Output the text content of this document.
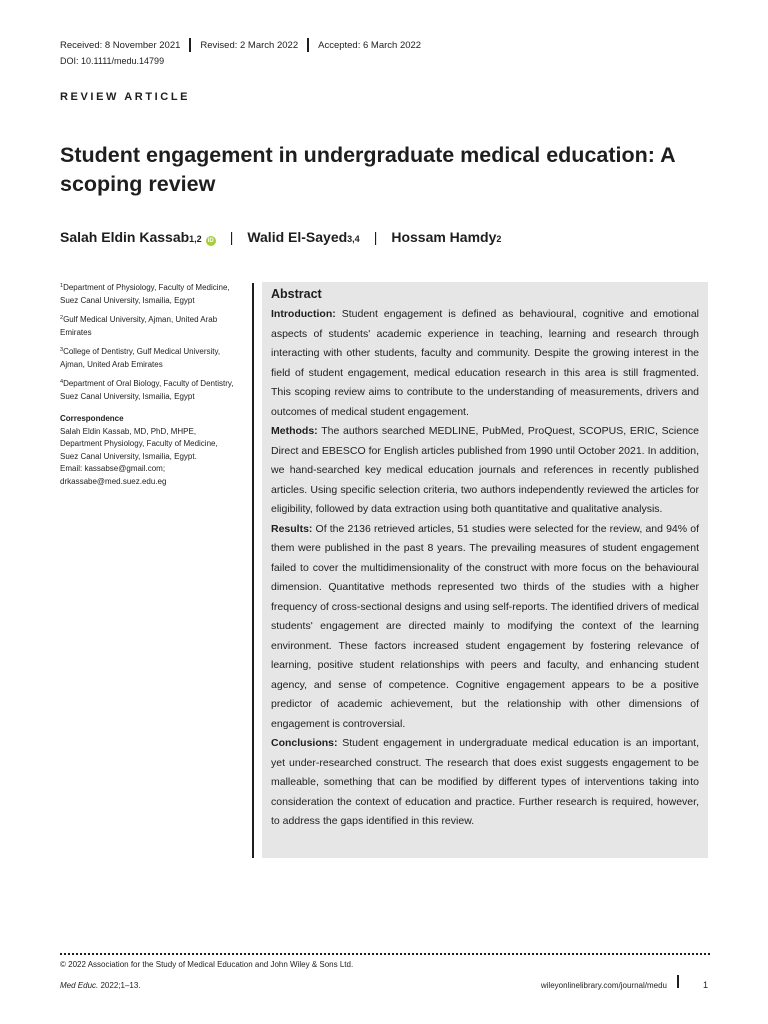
Received: 8 November 2021 Revised: 2 March 2022 Accepted: 6 March 2022
DOI: 10.1111/medu.14799
REVIEW ARTICLE
Student engagement in undergraduate medical education: A scoping review
Salah Eldin Kassab 1,2	iD | Walid El-Sayed 3,4 | Hossam Hamdy 2

$^1$Department of Physiology, Faculty of Medicine, Suez Canal University, Ismailia, Egypt

$^2$Gulf Medical University, Ajman, United Arab Emirates

$^3$College of Dentistry, Gulf Medical University, Ajman, United Arab Emirates

$^4$Department of Oral Biology, Faculty of Dentistry, Suez Canal University, Ismailia, Egypt

Correspondence

Salah Eldin Kassab, MD, PhD, MHPE,

Department Physiology, Faculty of Medicine,

Suez Canal University, Ismailia, Egypt.

Email: kassabse@gmail.com;

drkassabe@med.suez.edu.eg

Abstract

Introduction: Student engagement is defined as behavioural, cognitive and emotional aspects of students' academic experience in teaching, learning and research through interacting with other students, faculty and community. Despite the growing interest in the field of student engagement, medical education research in this area is still fragmented. This scoping review aims to contribute to the understanding of measurements, drivers and outcomes of medical student engagement.

Methods: The authors searched MEDLINE, PubMed, ProQuest, SCOPUS, ERIC, Science Direct and EBESCO for English articles published from 1990 until October 2021. In addition, we hand-searched key medical education journals and references in recently published articles. Using specific selection criteria, two authors independently reviewed the articles for eligibility, followed by data extraction using both quantitative and qualitative analysis.

Results: Of the 2136 retrieved articles, 51 studies were selected for the review, and 94% of them were published in the past 8 years. The prevailing measures of student engagement failed to cover the multidimensionality of the construct with more focus on the behavioural dimension. Quantitative methods represented two thirds of the studies with a higher frequency of cross-sectional designs and using self-reports. The identified drivers of medical students' engagement are directed mainly to modifying the context of the learning environment. These factors increased student engagement by fostering relevance of learning, positive student relationships with peers and faculty, and enhancing student agency, and sense of competence. Cognitive engagement appears to be a positive predictor of academic achievement, but the relationship with other dimensions of engagement is controversial.

Conclusions: Student engagement in undergraduate medical education is an important, yet under-researched construct. The research that does exist suggests engagement to be malleable, something that can be modified by different types of interventions taking into consideration the context of education and practice. Further research is required, however, to address the gaps identified in this review.

© 2022 Association for the Study of Medical Education and John Wiley & Sons Ltd.
Med Educ. 2022;1–13.	wileyonlinelibrary.com/journal/medu	1
